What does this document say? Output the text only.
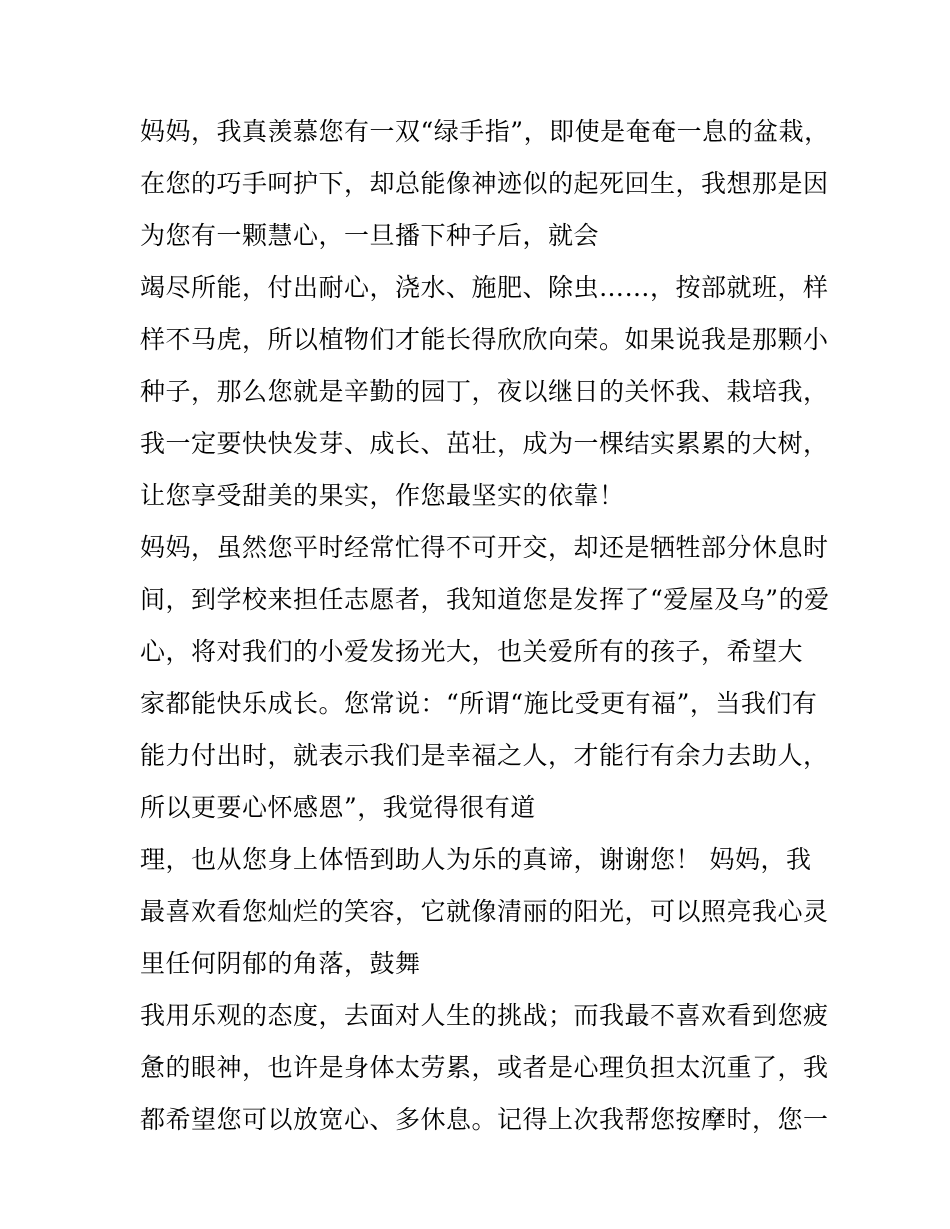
妈妈，我真羡慕您有一双“绿手指”，即使是奄奄一息的盆栽，
在您的巧手呵护下，却总能像神迹似的起死回生，我想那是因
为您有一颗慧心，一旦播下种子后，就会
竭尽所能，付出耐心，浇水、施肥、除虫……，按部就班，样
样不马虎，所以植物们才能长得欣欣向荣。如果说我是那颗小
种子，那么您就是辛勤的园丁，夜以继日的关怀我、栽培我，
我一定要快快发芽、成长、茁壮，成为一棵结实累累的大树，
让您享受甜美的果实，作您最坚实的依靠！
妈妈，虽然您平时经常忙得不可开交，却还是牺牲部分休息时
间，到学校来担任志愿者，我知道您是发挥了“爱屋及乌”的爱
心，将对我们的小爱发扬光大，也关爱所有的孩子，希望大
家都能快乐成长。您常说：“所谓“施比受更有福”，当我们有
能力付出时，就表示我们是幸福之人，才能行有余力去助人，
所以更要心怀感恩”，我觉得很有道
理，也从您身上体悟到助人为乐的真谛，谢谢您！ 妈妈，我
最喜欢看您灿烂的笑容，它就像清丽的阳光，可以照亮我心灵
里任何阴郁的角落，鼓舞
我用乐观的态度，去面对人生的挑战；而我最不喜欢看到您疲
惫的眼神，也许是身体太劳累，或者是心理负担太沉重了，我
都希望您可以放宽心、多休息。记得上次我帮您按摩时，您一
